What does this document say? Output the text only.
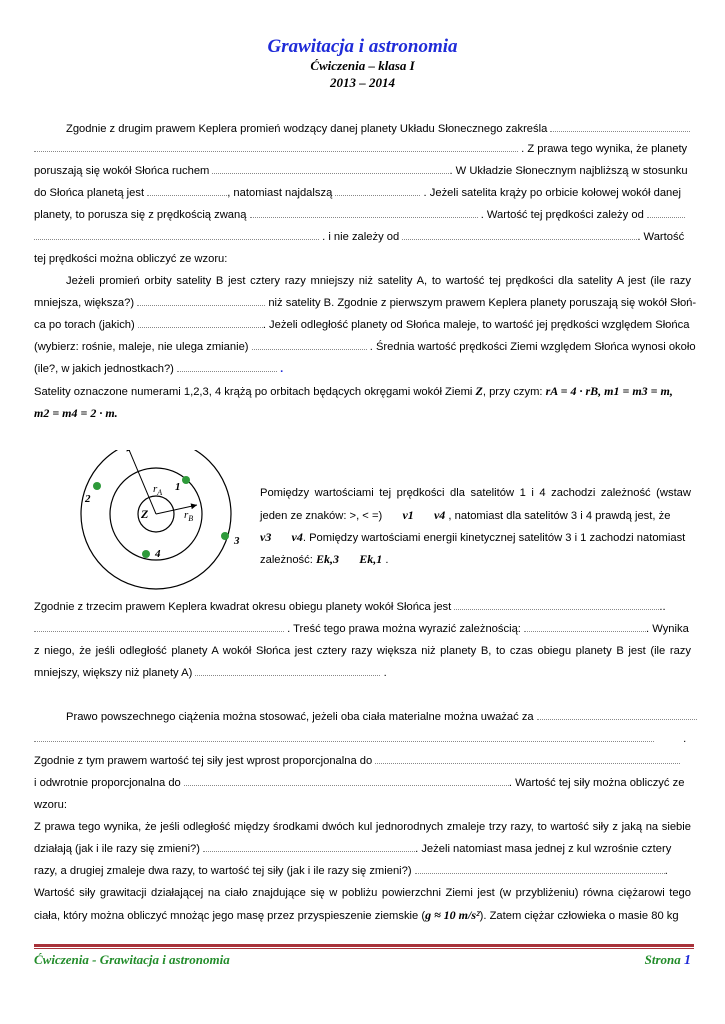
Grawitacja i astronomia
Ćwiczenia – klasa I
2013 – 2014
Zgodnie z drugim prawem Keplera promień wodzący danej planety Układu Słonecznego zakreśla
. Z prawa tego wynika, że planety
poruszają się wokół Słońca ruchem	. W Układzie Słonecznym najbliższą w stosunku
do Słońca planetą jest	, natomiast najdalszą	. Jeżeli satelita krąży po orbicie kołowej wokół danej
planety, to porusza się z prędkością zwaną	. Wartość tej prędkości zależy od
. i nie zależy od	. Wartość
tej prędkości można obliczyć ze wzoru:
Jeżeli promień orbity satelity B jest cztery razy mniejszy niż satelity A, to wartość tej prędkości dla satelity A jest (ile razy
mniejsza, większa?)	niż satelity B. Zgodnie z pierwszym prawem Keplera planety poruszają się wokół Słoń-
ca po torach (jakich)	. Jeżeli odległość planety od Słońca maleje, to wartość jej prędkości względem Słońca
(wybierz: rośnie, maleje, nie ulega zmianie)	. Średnia wartość prędkości Ziemi względem Słońca wynosi około
(ile?, w jakich jednostkach?)	.
Satelity oznaczone numerami 1,2,3, 4 krążą po orbitach będących okręgami wokół Ziemi Z, przy czym: rA = 4 · rB, m1 = m3 = m,
m2 = m4 = 2 · m.
Z
$r_A$
$r_B$
1
2
3
4
Pomiędzy wartościami tej prędkości dla satelitów 1 i 4 zachodzi zależność (wstaw
jeden ze znaków: >, < =) v1 v4 , natomiast dla satelitów 3 i 4 prawdą jest, że
v3 v4. Pomiędzy wartościami energii kinetycznej satelitów 3 i 1 zachodzi natomiast
zależność: Ek,3 Ek,1 .
Zgodnie z trzecim prawem Keplera kwadrat okresu obiegu planety wokół Słońca jest	..
. Treść tego prawa można wyrazić zależnością:	. Wynika
z niego, że jeśli odległość planety A wokół Słońca jest cztery razy większa niż planety B, to czas obiegu planety B jest (ile razy
mniejszy, większy niż planety A)	.
Prawo powszechnego ciążenia można stosować, jeżeli oba ciała materialne można uważać za
.
Zgodnie z tym prawem wartość tej siły jest wprost proporcjonalna do
i odwrotnie proporcjonalna do	. Wartość tej siły można obliczyć ze
wzoru:
Z prawa tego wynika, że jeśli odległość między środkami dwóch kul jednorodnych zmaleje trzy razy, to wartość siły z jaką na siebie
działają (jak i ile razy się zmieni?)	. Jeżeli natomiast masa jednej z kul wzrośnie cztery
razy, a drugiej zmaleje dwa razy, to wartość tej siły (jak i ile razy się zmieni?)	.
Wartość siły grawitacji działającej na ciało znajdujące się w pobliżu powierzchni Ziemi jest (w przybliżeniu) równa ciężarowi tego
ciała, który można obliczyć mnożąc jego masę przez przyspieszenie ziemskie (g ≈ 10 m/s²). Zatem ciężar człowieka o masie 80 kg
Ćwiczenia - Grawitacja i astronomia	Strona 1
